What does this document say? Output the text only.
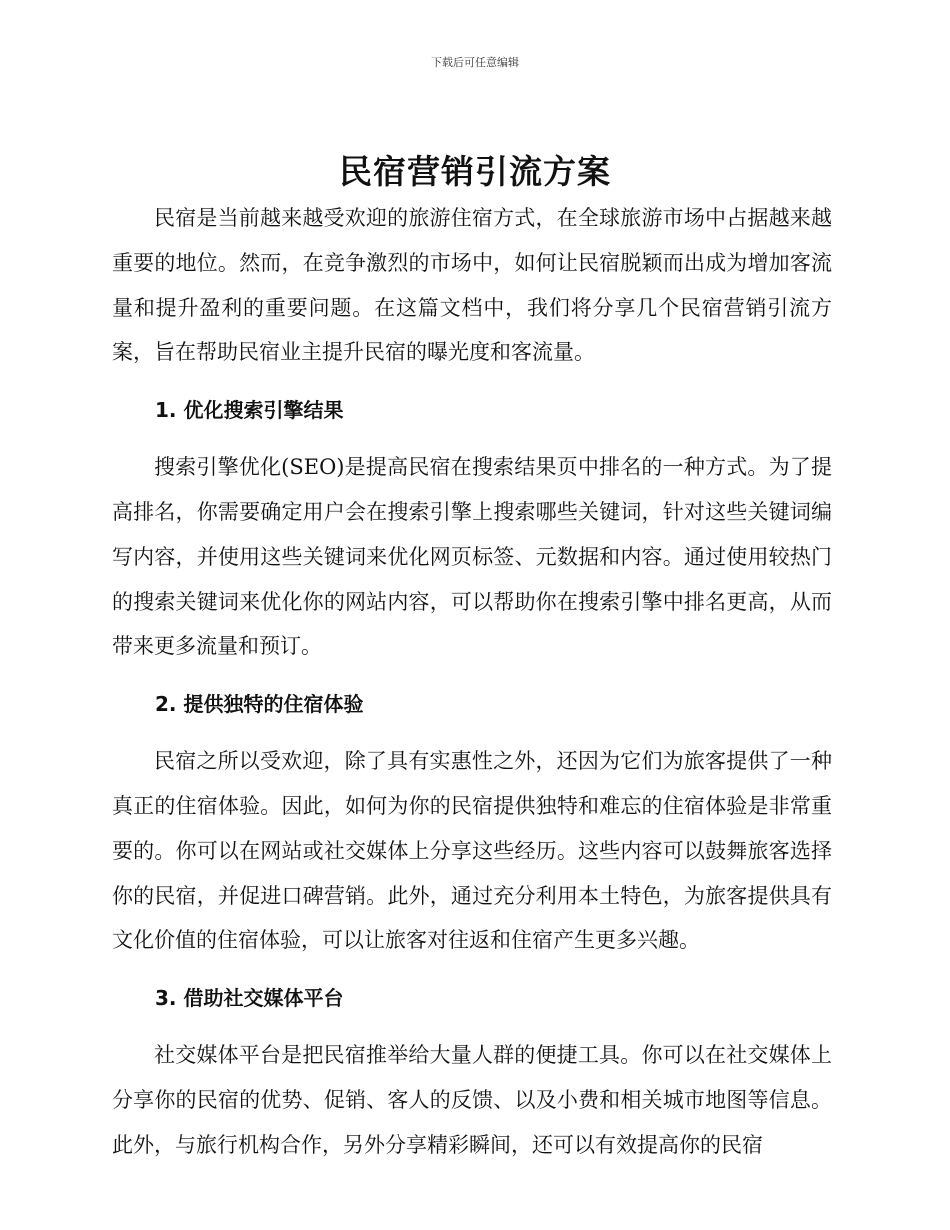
下载后可任意编辑
民宿营销引流方案

民宿是当前越来越受欢迎的旅游住宿方式，在全球旅游市场中占据越来越重要的地位。然而，在竞争激烈的市场中，如何让民宿脱颖而出成为增加客流量和提升盈利的重要问题。在这篇文档中，我们将分享几个民宿营销引流方案，旨在帮助民宿业主提升民宿的曝光度和客流量。

1. 优化搜索引擎结果

搜索引擎优化(SEO)是提高民宿在搜索结果页中排名的一种方式。为了提高排名，你需要确定用户会在搜索引擎上搜索哪些关键词，针对这些关键词编写内容，并使用这些关键词来优化网页标签、元数据和内容。通过使用较热门的搜索关键词来优化你的网站内容，可以帮助你在搜索引擎中排名更高，从而带来更多流量和预订。

2. 提供独特的住宿体验

民宿之所以受欢迎，除了具有实惠性之外，还因为它们为旅客提供了一种真正的住宿体验。因此，如何为你的民宿提供独特和难忘的住宿体验是非常重要的。你可以在网站或社交媒体上分享这些经历。这些内容可以鼓舞旅客选择你的民宿，并促进口碑营销。此外，通过充分利用本土特色，为旅客提供具有文化价值的住宿体验，可以让旅客对往返和住宿产生更多兴趣。

3. 借助社交媒体平台

社交媒体平台是把民宿推举给大量人群的便捷工具。你可以在社交媒体上分享你的民宿的优势、促销、客人的反馈、以及小费和相关城市地图等信息。此外，与旅行机构合作，另外分享精彩瞬间，还可以有效提高你的民宿
